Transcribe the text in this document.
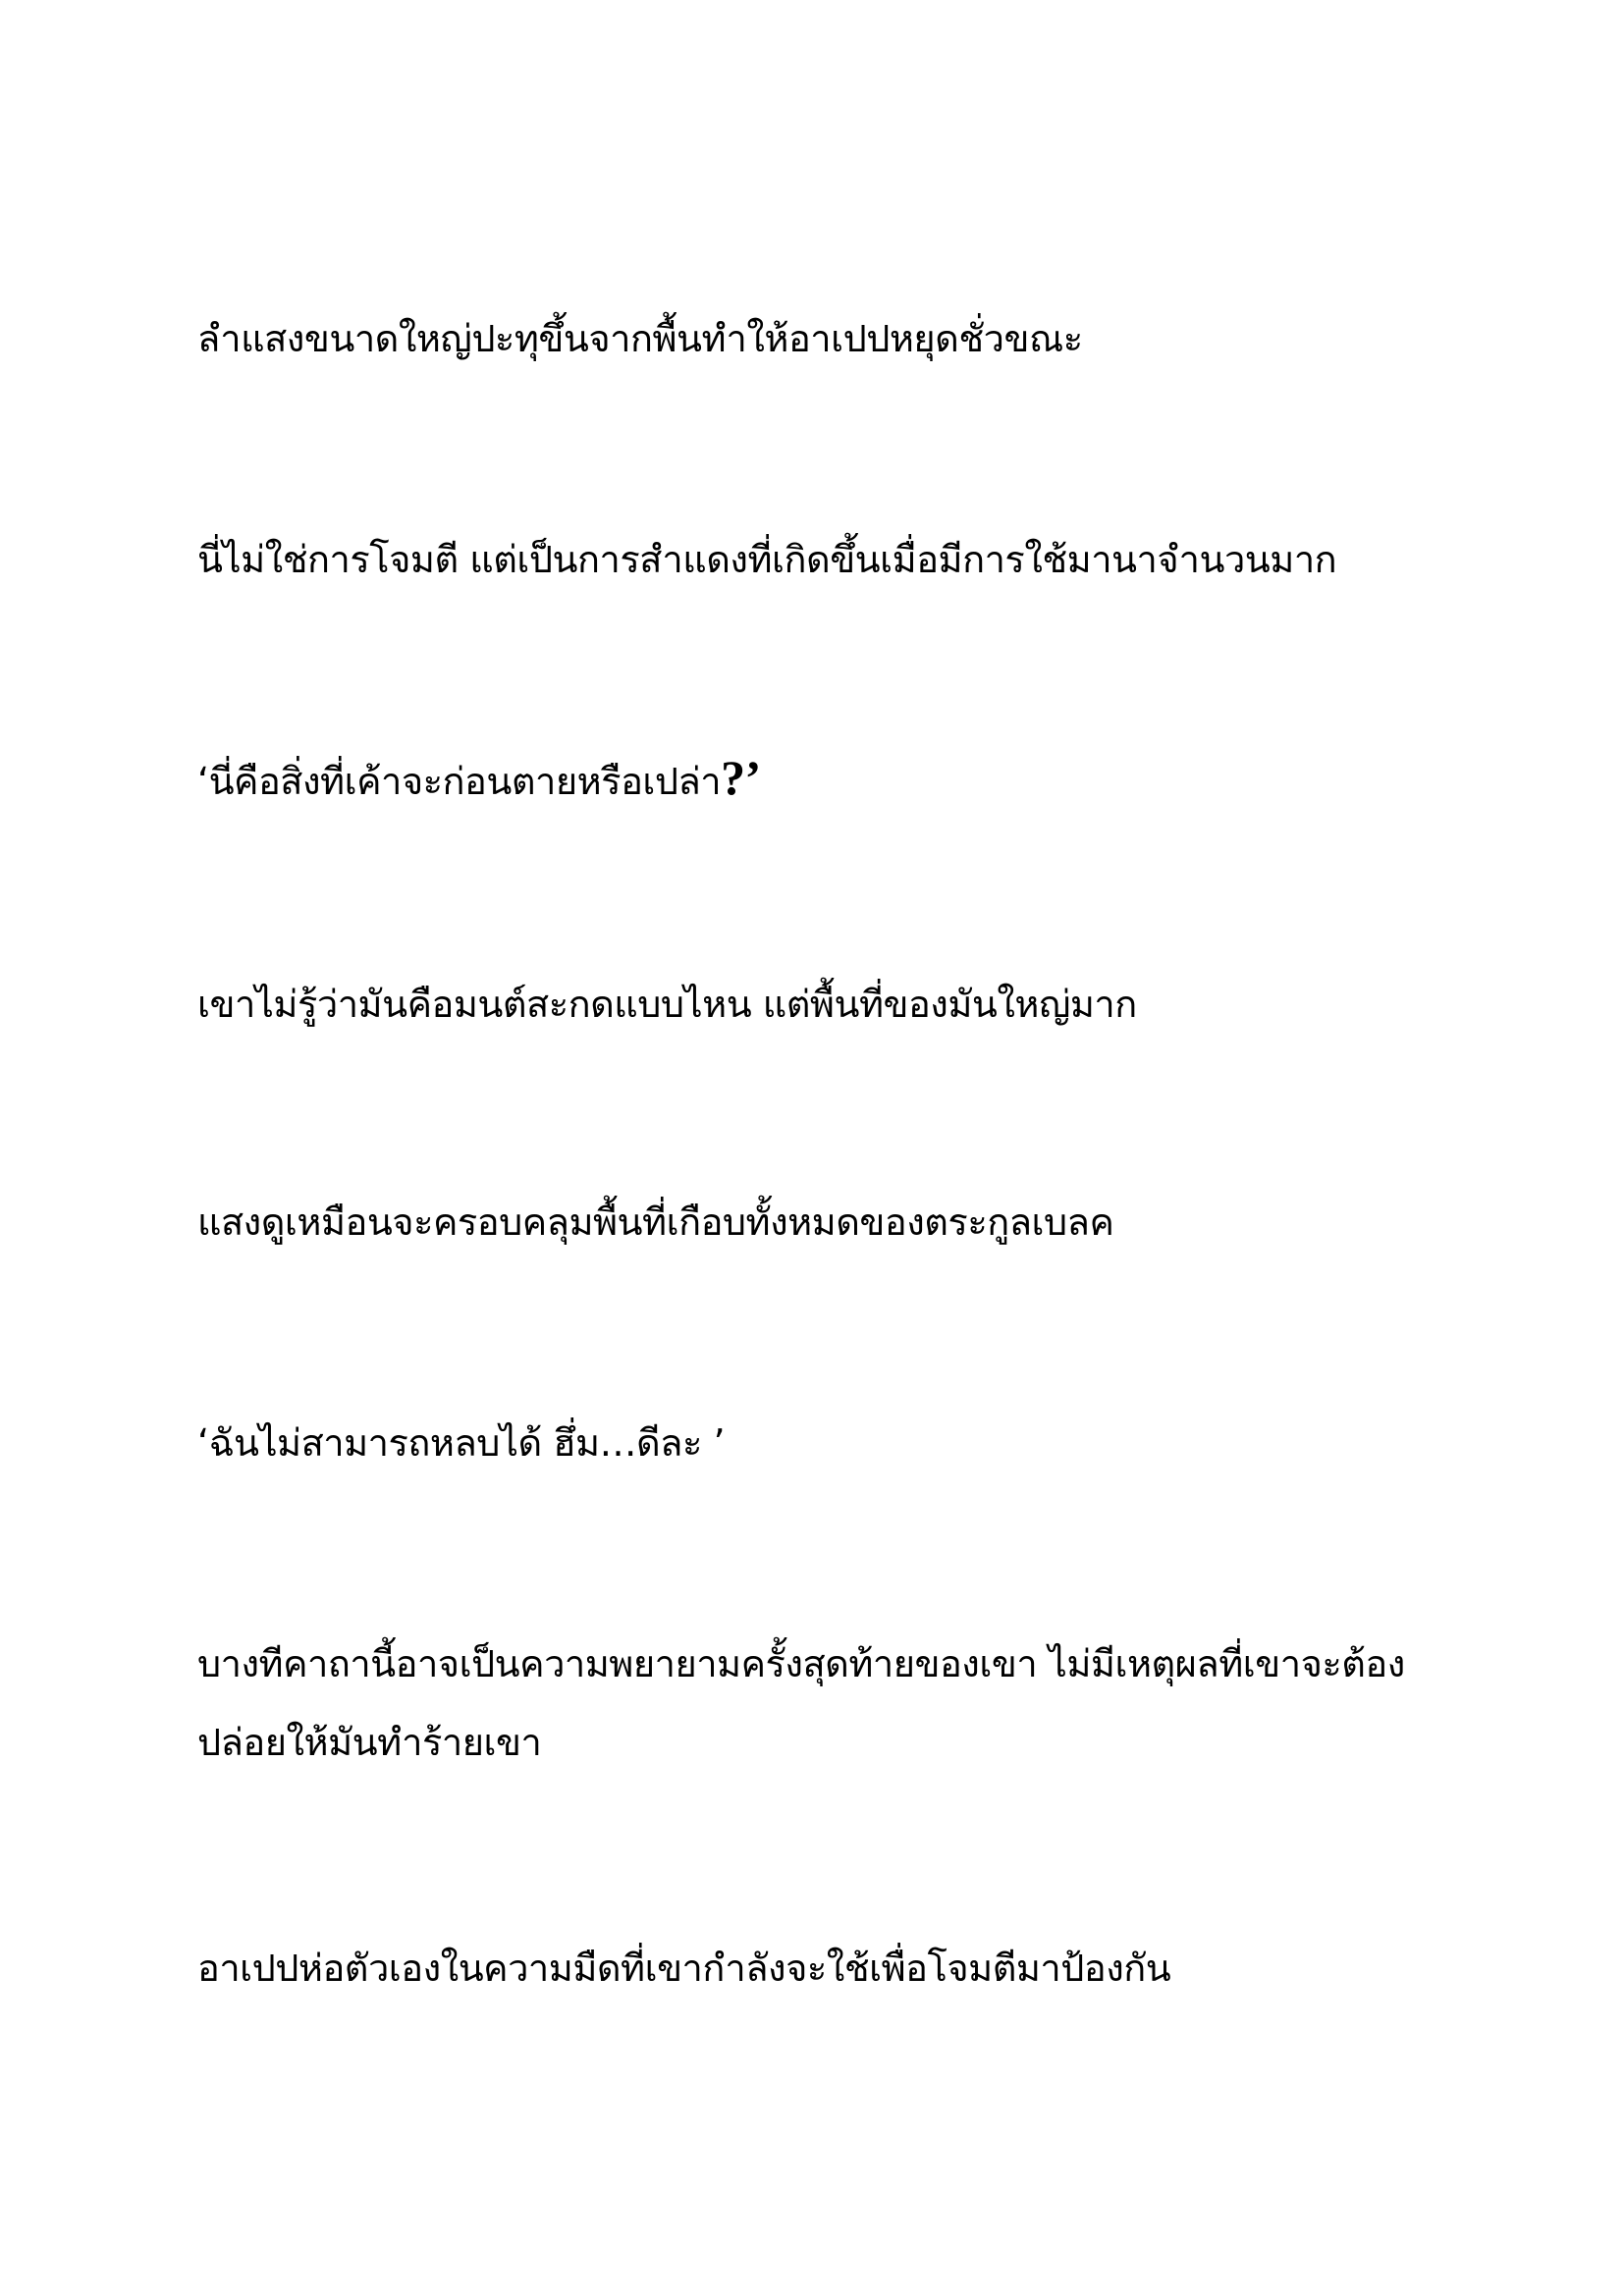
ลำแสงขนาดใหญ่ปะทุขึ้นจากพื้นทำให้อาเปปหยุดชั่วขณะ

นี่ไม่ใช่การโจมตี แต่เป็นการสำแดงที่เกิดขึ้นเมื่อมีการใช้มานาจำนวนมาก

‘นี่คือสิ่งที่เค้าจะก่อนตายหรือเปล่า?’

เขาไม่รู้ว่ามันคือมนต์สะกดแบบไหน แต่พื้นที่ของมันใหญ่มาก

แสงดูเหมือนจะครอบคลุมพื้นที่เกือบทั้งหมดของตระกูลเบลค

‘ฉันไม่สามารถหลบได้ ฮึ่ม…ดีละ ’

บางทีคาถานี้อาจเป็นความพยายามครั้งสุดท้ายของเขา ไม่มีเหตุผลที่เขาจะต้อง
ปล่อยให้มันทำร้ายเขา

อาเปปห่อตัวเองในความมืดที่เขากำลังจะใช้เพื่อโจมตีมาป้องกัน
